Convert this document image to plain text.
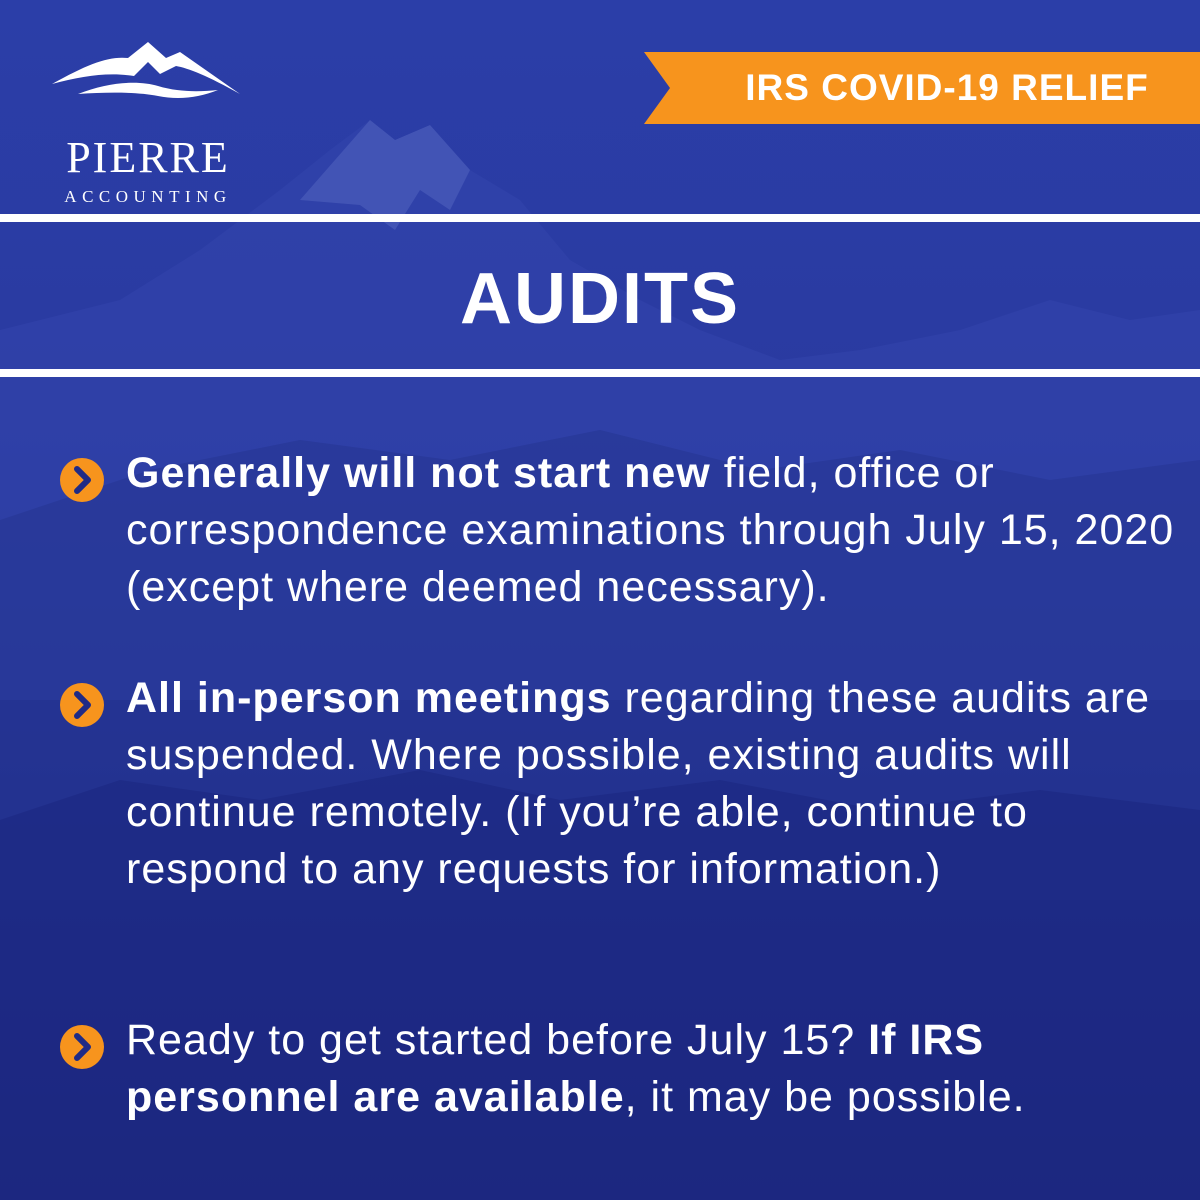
PIERRE
ACCOUNTING
IRS COVID-19 RELIEF
AUDITS
Generally will not start new field, office or correspondence examinations through July 15, 2020 (except where deemed necessary).
All in-person meetings regarding these audits are suspended. Where possible, existing audits will continue remotely. (If you’re able, continue to respond to any requests for information.)
Ready to get started before July 15? If IRS personnel are available, it may be possible.
